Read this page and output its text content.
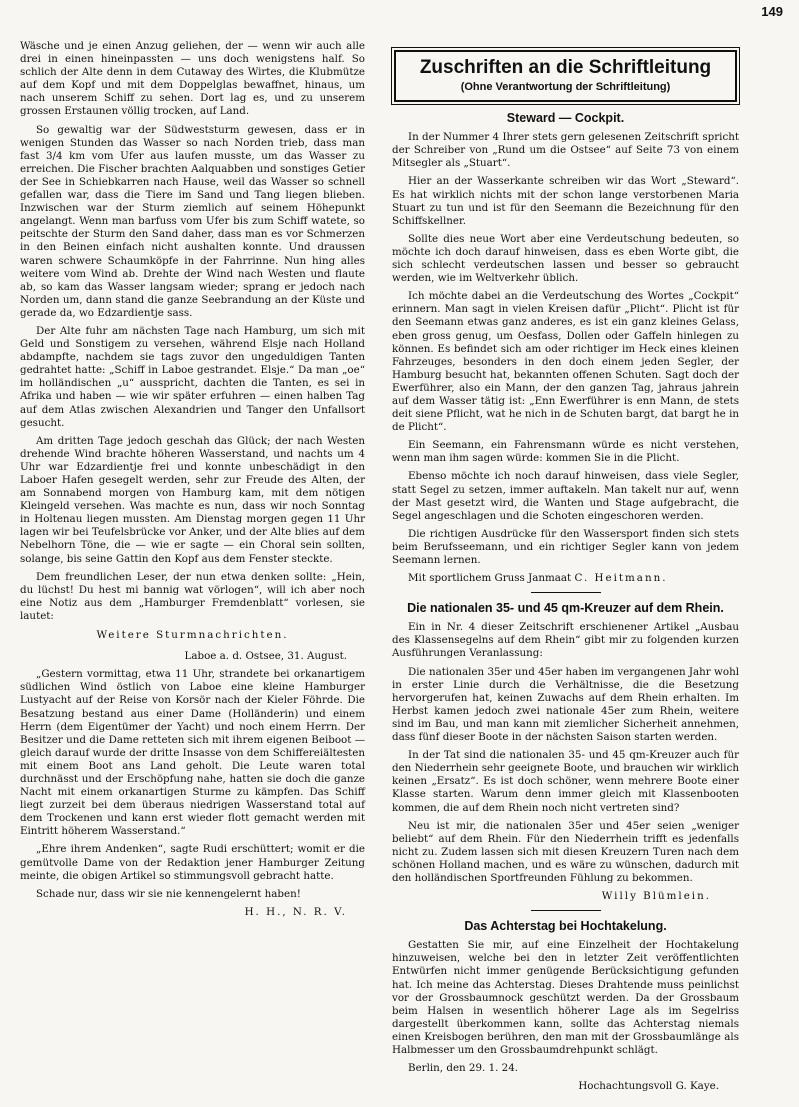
149

Wäsche und je einen Anzug geliehen, der — wenn wir auch alle drei in einen hineinpassten — uns doch wenigstens half. So schlich der Alte denn in dem Cutaway des Wirtes, die Klubmütze auf dem Kopf und mit dem Doppelglas bewaffnet, hinaus, um nach unserem Schiff zu sehen. Dort lag es, und zu unserem grossen Erstaunen völlig trocken, auf Land.

So gewaltig war der Südweststurm gewesen, dass er in wenigen Stunden das Wasser so nach Norden trieb, dass man fast 3/4 km vom Ufer aus laufen musste, um das Wasser zu erreichen. Die Fischer brachten Aalquabben und sonstiges Getier der See in Schiebkarren nach Hause, weil das Wasser so schnell gefallen war, dass die Tiere im Sand und Tang liegen blieben. Inzwischen war der Sturm ziemlich auf seinem Höhepunkt angelangt. Wenn man barfuss vom Ufer bis zum Schiff watete, so peitschte der Sturm den Sand daher, dass man es vor Schmerzen in den Beinen einfach nicht aushalten konnte. Und draussen waren schwere Schaumköpfe in der Fahrrinne. Nun hing alles weitere vom Wind ab. Drehte der Wind nach Westen und flaute ab, so kam das Wasser langsam wieder; sprang er jedoch nach Norden um, dann stand die ganze Seebrandung an der Küste und gerade da, wo Edzardientje sass.

Der Alte fuhr am nächsten Tage nach Hamburg, um sich mit Geld und Sonstigem zu versehen, während Elsje nach Holland abdampfte, nachdem sie tags zuvor den ungeduldigen Tanten gedrahtet hatte: „Schiff in Laboe gestrandet. Elsje.“ Da man „oe“ im holländischen „u“ ausspricht, dachten die Tanten, es sei in Afrika und haben — wie wir später erfuhren — einen halben Tag auf dem Atlas zwischen Alexandrien und Tanger den Unfallsort gesucht.

Am dritten Tage jedoch geschah das Glück; der nach Westen drehende Wind brachte höheren Wasserstand, und nachts um 4 Uhr war Edzardientje frei und konnte unbeschädigt in den Laboer Hafen gesegelt werden, sehr zur Freude des Alten, der am Sonnabend morgen von Hamburg kam, mit dem nötigen Kleingeld versehen. Was machte es nun, dass wir noch Sonntag in Holtenau liegen mussten. Am Dienstag morgen gegen 11 Uhr lagen wir bei Teufelsbrücke vor Anker, und der Alte blies auf dem Nebelhorn Töne, die — wie er sagte — ein Choral sein sollten, solange, bis seine Gattin den Kopf aus dem Fenster steckte.

Dem freundlichen Leser, der nun etwa denken sollte: „Hein, du lüchst! Du hest mi bannig wat vörlogen“, will ich aber noch eine Notiz aus dem „Hamburger Fremdenblatt“ vorlesen, sie lautet:

Weitere Sturmnachrichten.

Laboe a. d. Ostsee, 31. August.

„Gestern vormittag, etwa 11 Uhr, strandete bei orkanartigem südlichen Wind östlich von Laboe eine kleine Hamburger Lustyacht auf der Reise von Korsör nach der Kieler Föhrde. Die Besatzung bestand aus einer Dame (Holländerin) und einem Herrn (dem Eigentümer der Yacht) und noch einem Herrn. Der Besitzer und die Dame retteten sich mit ihrem eigenen Beiboot — gleich darauf wurde der dritte Insasse von dem Schiffereiältesten mit einem Boot ans Land geholt. Die Leute waren total durchnässt und der Erschöpfung nahe, hatten sie doch die ganze Nacht mit einem orkanartigen Sturme zu kämpfen. Das Schiff liegt zurzeit bei dem überaus niedrigen Wasserstand total auf dem Trockenen und kann erst wieder flott gemacht werden mit Eintritt höherem Wasserstand.“

„Ehre ihrem Andenken“, sagte Rudi erschüttert; womit er die gemütvolle Dame von der Redaktion jener Hamburger Zeitung meinte, die obigen Artikel so stimmungsvoll gebracht hatte.

Schade nur, dass wir sie nie kennengelernt haben!

H. H., N. R. V.

Zuschriften an die Schriftleitung
(Ohne Verantwortung der Schriftleitung)
Steward — Cockpit.

In der Nummer 4 Ihrer stets gern gelesenen Zeitschrift spricht der Schreiber von „Rund um die Ostsee“ auf Seite 73 von einem Mitsegler als „Stuart“.

Hier an der Wasserkante schreiben wir das Wort „Steward“. Es hat wirklich nichts mit der schon lange verstorbenen Maria Stuart zu tun und ist für den Seemann die Bezeichnung für den Schiffskellner.

Sollte dies neue Wort aber eine Verdeutschung bedeuten, so möchte ich doch darauf hinweisen, dass es eben Worte gibt, die sich schlecht verdeutschen lassen und besser so gebraucht werden, wie im Weltverkehr üblich.

Ich möchte dabei an die Verdeutschung des Wortes „Cockpit“ erinnern. Man sagt in vielen Kreisen dafür „Plicht“. Plicht ist für den Seemann etwas ganz anderes, es ist ein ganz kleines Gelass, eben gross genug, um Oesfass, Dollen oder Gaffeln hinlegen zu können. Es befindet sich am oder richtiger im Heck eines kleinen Fahrzeuges, besonders in den doch einem jeden Segler, der Hamburg besucht hat, bekannten offenen Schuten. Sagt doch der Ewerführer, also ein Mann, der den ganzen Tag, jahraus jahrein auf dem Wasser tätig ist: „Enn Ewerführer is enn Mann, de stets deit siene Pflicht, wat he nich in de Schuten bargt, dat bargt he in de Plicht“.

Ein Seemann, ein Fahrensmann würde es nicht verstehen, wenn man ihm sagen würde: kommen Sie in die Plicht.

Ebenso möchte ich noch darauf hinweisen, dass viele Segler, statt Segel zu setzen, immer auftakeln. Man takelt nur auf, wenn der Mast gesetzt wird, die Wanten und Stage aufgebracht, die Segel angeschlagen und die Schoten eingeschoren werden.

Die richtigen Ausdrücke für den Wassersport finden sich stets beim Berufsseemann, und ein richtiger Segler kann von jedem Seemann lernen.

Mit sportlichem Gruss Janmaat C. Heitmann.

Die nationalen 35- und 45 qm-Kreuzer auf dem Rhein.

Ein in Nr. 4 dieser Zeitschrift erschienener Artikel „Ausbau des Klassensegelns auf dem Rhein“ gibt mir zu folgenden kurzen Ausführungen Veranlassung:

Die nationalen 35er und 45er haben im vergangenen Jahr wohl in erster Linie durch die Verhältnisse, die die Besetzung hervorgerufen hat, keinen Zuwachs auf dem Rhein erhalten. Im Herbst kamen jedoch zwei nationale 45er zum Rhein, weitere sind im Bau, und man kann mit ziemlicher Sicherheit annehmen, dass fünf dieser Boote in der nächsten Saison starten werden.

In der Tat sind die nationalen 35- und 45 qm-Kreuzer auch für den Niederrhein sehr geeignete Boote, und brauchen wir wirklich keinen „Ersatz“. Es ist doch schöner, wenn mehrere Boote einer Klasse starten. Warum denn immer gleich mit Klassenbooten kommen, die auf dem Rhein noch nicht vertreten sind?

Neu ist mir, die nationalen 35er und 45er seien „weniger beliebt“ auf dem Rhein. Für den Niederrhein trifft es jedenfalls nicht zu. Zudem lassen sich mit diesen Kreuzern Turen nach dem schönen Holland machen, und es wäre zu wünschen, dadurch mit den holländischen Sportfreunden Fühlung zu bekommen.

Willy Blümlein.

Das Achterstag bei Hochtakelung.

Gestatten Sie mir, auf eine Einzelheit der Hochtakelung hinzuweisen, welche bei den in letzter Zeit veröffentlichten Entwürfen nicht immer genügende Berücksichtigung gefunden hat. Ich meine das Achterstag. Dieses Drahtende muss peinlichst vor der Grossbaumnock geschützt werden. Da der Grossbaum beim Halsen in wesentlich höherer Lage als im Segelriss dargestellt überkommen kann, sollte das Achterstag niemals einen Kreisbogen berühren, den man mit der Grossbaumlänge als Halbmesser um den Grossbaumdrehpunkt schlägt.

Berlin, den 29. 1. 24.

Hochachtungsvoll G. Kaye.
